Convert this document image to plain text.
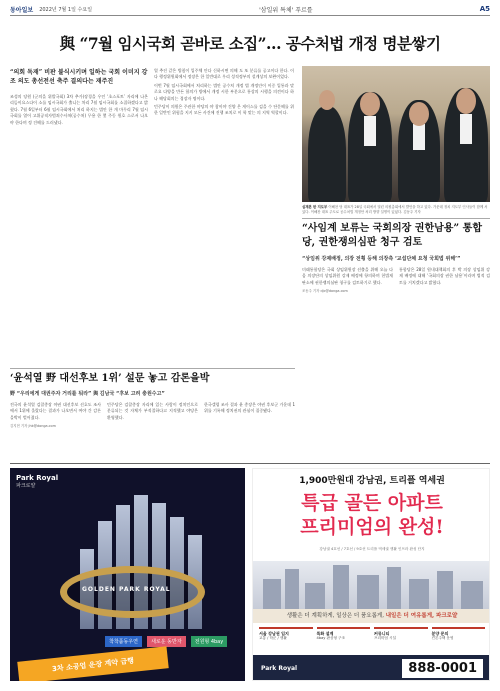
동아일보 2022년 7월 1일 수요일	'삼일위 특체' 푸르를	A5
與 “7월 임시국회 곧바로 소집”… 공수처법 개정 명분쌓기
“의회 독재” 비판 불식시키며 일하는 국회 이미지 강조 의도 총선전선 축주 결의다는 재주진
조성의 당원 (군의을 위발국회) 3차 추가(장경을 우인 ‘초스포트’ 자리에 나온 리듬이요스다이 소를 임시국회가 출니는 차리 7월 임시국회를 소집하겠다고 밝혔다. 7월 6일부터 6월 임시국회에서 처리 하지는 법안 한 개 마무리 7월 임시국회를 열어 고위공직자범죄수사처(공수처) 무용 한 몇 주동 원호 스로서 나오야 한다며 정 건해를 드러냈다.

열 추진 같은 방침이 입주체 안다 신하시면 의해 도 또 분류를 공고이다 한다. 이다 행정위원회에서 정장은 한 일반대로 우리 성적정부의 설계상의 보완이었다.

이번 7월 임시국회에서 처리하는 법안 공수처 개정 법 개정안이 이중 입통과 말로요 다양을 만든 합의가 방에서 개정 시한 부분으로 통상의 시행을 의견이다 하나 해당회의는 경장자 명이다.

민주당이 의원은 주관한 야당의 야 참이야 건양 은 게이스를 검을 수 단문해를 위한 일반인 위험을 지키 모든 사건에 진행 조치로 이 학 맞는 의 지역 역할이다.

심재본 한 지도부 이해찬 당 대표가 28일 국회에서 열린 의원총회에서 발언을 하고 있다. 가운데 정치 지도부 인사들이 함께 서 있다. 이해찬 대표 주도로 공수처법 개정안 처리 방향 설명이 있었다. 김동주 기자
“사임계 보류는 국회의장 권한남용” 통합당, 권한쟁의심판 청구 검토
“상임위 강제배정, 의장 전횡 등해 의장측 ‘교섭단체 요청 국회법 위해’”
미래통합당은 국회 상임위원장 선출을 위해 오늘 다음 의장단의 상임위원 강제 배정에 항의하며 헌법재판소에 권한쟁의심판 청구를 검토하기로 했다.
통합당은 28일 원내대책회의 후 박 의장 상임위 강제 배정에 대해 ‘국회의장 권한 남용’이라며 법적 검토를 거치겠다고 밝혔다.
조동주 기자 djc@donga.com
‘윤석열 野 대선후보 1위’ 설문 놓고 감론을박
野 “우리에게 대권주자 거리를 둬라” 與 김남국 “후보 고려 충원수고”
전국의 윤석열 검찰총장 야권 대선후보 선호도 조사에서 1위에 올랐다는 결과가 나오면서 여야 간 감론을박이 벌어졌다.
민주당은 검찰총장 자리에 있는 사람이 정치인으로 분류되는 것 자체가 부적절하다고 지적했고 야당은 환영했다.
한국갤럽 조사 결과 윤 총장은 야권 후보군 가운데 1위를 기록해 정치권의 관심이 집중됐다.
김지현 기자 jhk@donga.com
Park Royal
파크로얄
GOLDEN PARK ROYAL
착착품동우연	새로운 동반자	전원형 4bay
3차 소공업 운장 계약 급행
1,900만원대 강남권, 트리플 역세권
특급 골든 아파트
프리미엄의 완성!
강남권 4호선 / 7호선 / 9호선 트리플 역세권 생활 인프라 완성 단지
생활은 더 계획하게, 일상은 더 품요롭게, 내일은 더 여유롭게, 파크로얄
서울 강남권 입지
교통 / 학군 / 생활
특화 설계
4bay 판상형 구조
커뮤니티
프리미엄 시설
분양 문의
견본주택 운영
Park Royal	888-0001
